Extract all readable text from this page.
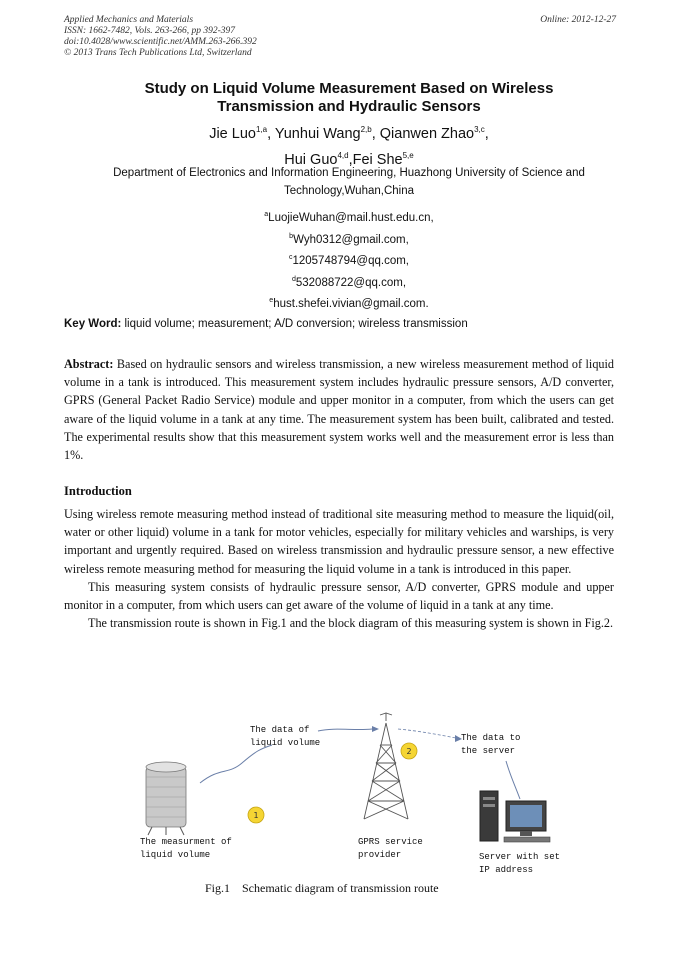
Applied Mechanics and Materials
ISSN: 1662-7482, Vols. 263-266, pp 392-397
doi:10.4028/www.scientific.net/AMM.263-266.392
© 2013 Trans Tech Publications Ltd, Switzerland
Online: 2012-12-27
Study on Liquid Volume Measurement Based on Wireless
Transmission and Hydraulic Sensors
Jie Luo$^{1,a}$, Yunhui Wang$^{2,b}$, Qianwen Zhao$^{3,c}$,
Hui Guo$^{4,d}$,Fei She$^{5,e}$
Department of Electronics and Information Engineering, Huazhong University of Science and Technology,Wuhan,China
$^a$LuojieWuhan@mail.hust.edu.cn,
$^b$Wyh0312@gmail.com,
$^c$1205748794@qq.com,
$^d$532088722@qq.com,
$^e$hust.shefei.vivian@gmail.com.
Key Word: liquid volume; measurement; A/D conversion; wireless transmission
Abstract: Based on hydraulic sensors and wireless transmission, a new wireless measurement method of liquid volume in a tank is introduced. This measurement system includes hydraulic pressure sensors, A/D converter, GPRS (General Packet Radio Service) module and upper monitor in a computer, from which the users can get aware of the liquid volume in a tank at any time. The measurement system has been built, calibrated and tested. The experimental results show that this measurement system works well and the measurement error is less than 1%.
Introduction

Using wireless remote measuring method instead of traditional site measuring method to measure the liquid(oil, water or other liquid) volume in a tank for motor vehicles, especially for military vehicles and warships, is very important and urgently required. Based on wireless transmission and hydraulic pressure sensor, a new effective wireless remote measuring method for measuring the liquid volume in a tank is introduced in this paper.

This measuring system consists of hydraulic pressure sensor, A/D converter, GPRS module and upper monitor in a computer, from which users can get aware of the volume of liquid in a tank at any time.

The transmission route is shown in Fig.1 and the block diagram of this measuring system is shown in Fig.2.

1
2
The data of
liquid volume	The data to
the server
The measurment of
liquid volume
GPRS service
provider	Server with set
IP address
Fig.1    Schematic diagram of transmission route
